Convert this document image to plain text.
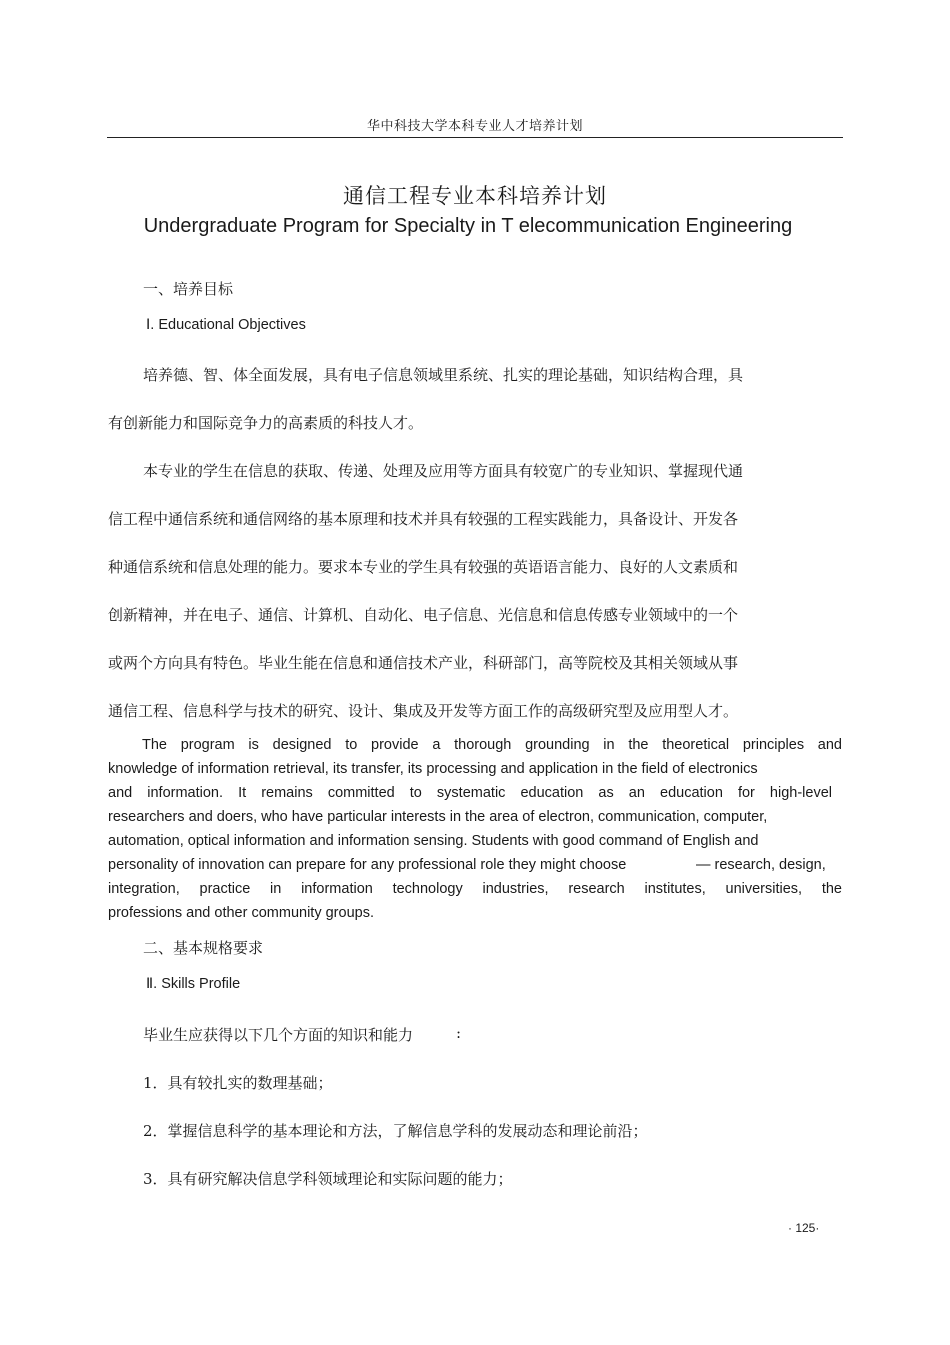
华中科技大学本科专业人才培养计划
通信工程专业本科培养计划
Undergraduate Program for Specialty in T elecommunication Engineering
一、培养目标
Ⅰ. Educational Objectives
培养德、智、体全面发展，具有电子信息领域里系统、扎实的理论基础，知识结构合理，具
有创新能力和国际竞争力的高素质的科技人才。
本专业的学生在信息的获取、传递、处理及应用等方面具有较宽广的专业知识、掌握现代通
信工程中通信系统和通信网络的基本原理和技术并具有较强的工程实践能力，具备设计、开发各
种通信系统和信息处理的能力。要求本专业的学生具有较强的英语语言能力、良好的人文素质和
创新精神，并在电子、通信、计算机、自动化、电子信息、光信息和信息传感专业领域中的一个
或两个方向具有特色。毕业生能在信息和通信技术产业，科研部门，高等院校及其相关领域从事
通信工程、信息科学与技术的研究、设计、集成及开发等方面工作的高级研究型及应用型人才。
The program is designed to provide a thorough grounding in the theoretical principles and
knowledge of information retrieval, its transfer, its processing and application in the field of electronics
and information. It remains committed to systematic education as an education for high-level
researchers and doers, who have particular interests in the area of electron, communication, computer,
automation, optical information and information sensing. Students with good command of English and
personality of innovation can prepare for any professional role they might choose	— research, design,
integration, practice in information technology industries, research institutes, universities, the
professions and other community groups.
二、基本规格要求
Ⅱ. Skills Profile
毕业生应获得以下几个方面的知识和能力	:
1．具有较扎实的数理基础；
2．掌握信息科学的基本理论和方法，了解信息学科的发展动态和理论前沿；
3．具有研究解决信息学科领域理论和实际问题的能力；
· 125·
